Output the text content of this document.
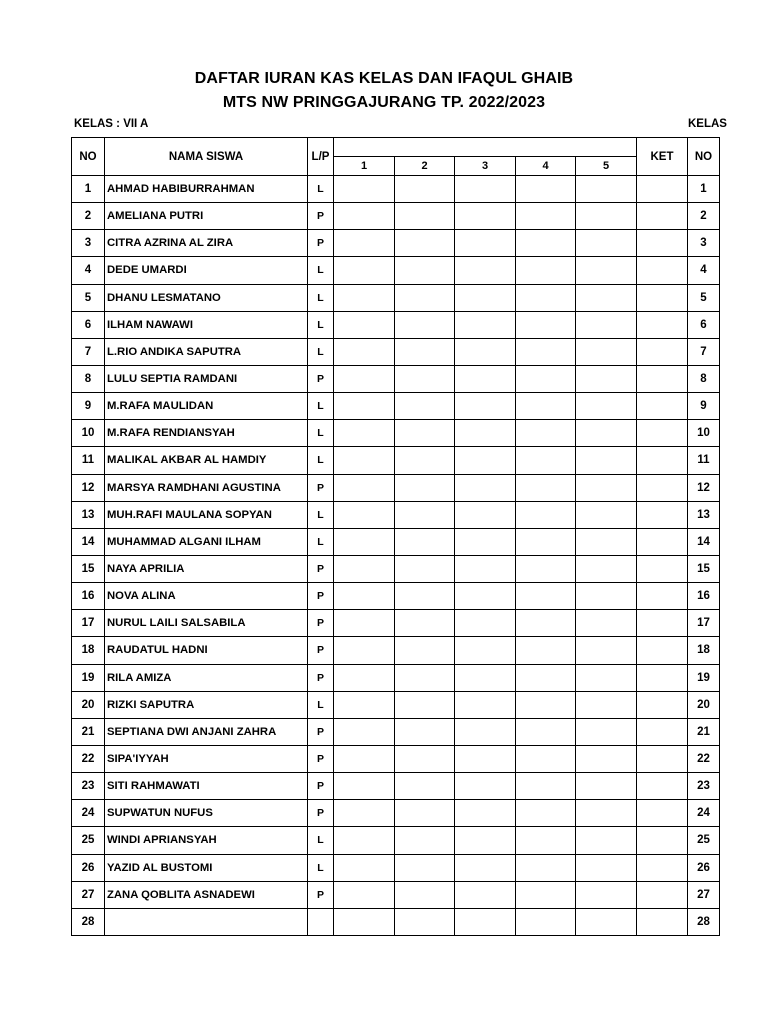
DAFTAR IURAN KAS KELAS DAN IFAQUL GHAIB
MTS NW PRINGGAJURANG TP. 2022/2023
KELAS : VII A	KELAS
NO	NAMA SISWA	L/P						KET	NO
			1	2	3	4	5		
1	AHMAD HABIBURRAHMAN	L							1
2	AMELIANA PUTRI	P							2
3	CITRA AZRINA AL ZIRA	P							3
4	DEDE UMARDI	L							4
5	DHANU LESMATANO	L							5
6	ILHAM NAWAWI	L							6
7	L.RIO ANDIKA SAPUTRA	L							7
8	LULU SEPTIA RAMDANI	P							8
9	M.RAFA MAULIDAN	L							9
10	M.RAFA RENDIANSYAH	L							10
11	MALIKAL AKBAR AL HAMDIY	L							11
12	MARSYA RAMDHANI AGUSTINA	P							12
13	MUH.RAFI MAULANA SOPYAN	L							13
14	MUHAMMAD ALGANI ILHAM	L							14
15	NAYA APRILIA	P							15
16	NOVA ALINA	P							16
17	NURUL LAILI SALSABILA	P							17
18	RAUDATUL HADNI	P							18
19	RILA AMIZA	P							19
20	RIZKI SAPUTRA	L							20
21	SEPTIANA DWI ANJANI ZAHRA	P							21
22	SIPA'IYYAH	P							22
23	SITI RAHMAWATI	P							23
24	SUPWATUN NUFUS	P							24
25	WINDI APRIANSYAH	L							25
26	YAZID AL BUSTOMI	L							26
27	ZANA QOBLITA ASNADEWI	P							27
28									28
